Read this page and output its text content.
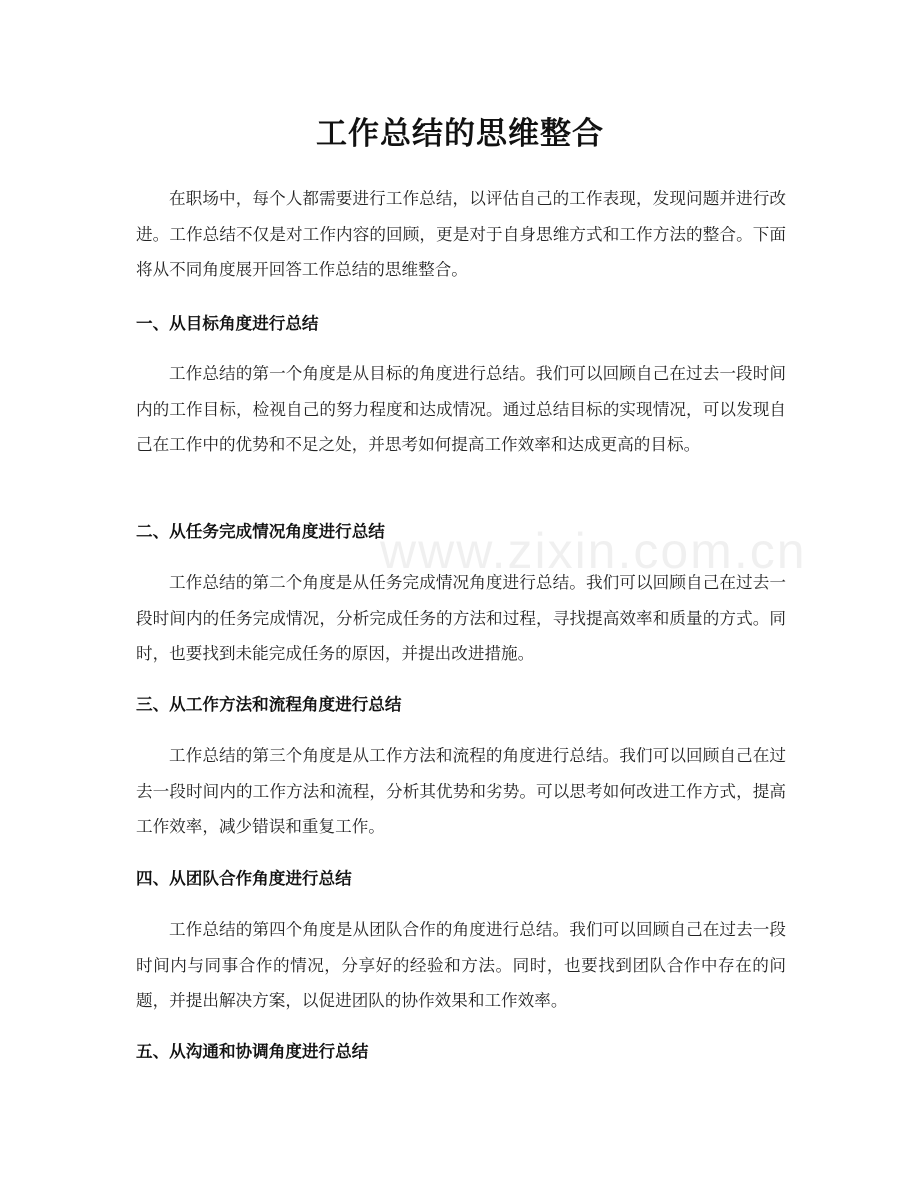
www.zixin.com.cn
工作总结的思维整合
在职场中，每个人都需要进行工作总结，以评估自己的工作表现，发现问题并进行改进。工作总结不仅是对工作内容的回顾，更是对于自身思维方式和工作方法的整合。下面将从不同角度展开回答工作总结的思维整合。
一、从目标角度进行总结
工作总结的第一个角度是从目标的角度进行总结。我们可以回顾自己在过去一段时间内的工作目标，检视自己的努力程度和达成情况。通过总结目标的实现情况，可以发现自己在工作中的优势和不足之处，并思考如何提高工作效率和达成更高的目标。
二、从任务完成情况角度进行总结
工作总结的第二个角度是从任务完成情况角度进行总结。我们可以回顾自己在过去一段时间内的任务完成情况，分析完成任务的方法和过程，寻找提高效率和质量的方式。同时，也要找到未能完成任务的原因，并提出改进措施。
三、从工作方法和流程角度进行总结
工作总结的第三个角度是从工作方法和流程的角度进行总结。我们可以回顾自己在过去一段时间内的工作方法和流程，分析其优势和劣势。可以思考如何改进工作方式，提高工作效率，减少错误和重复工作。
四、从团队合作角度进行总结
工作总结的第四个角度是从团队合作的角度进行总结。我们可以回顾自己在过去一段时间内与同事合作的情况，分享好的经验和方法。同时，也要找到团队合作中存在的问题，并提出解决方案，以促进团队的协作效果和工作效率。
五、从沟通和协调角度进行总结
